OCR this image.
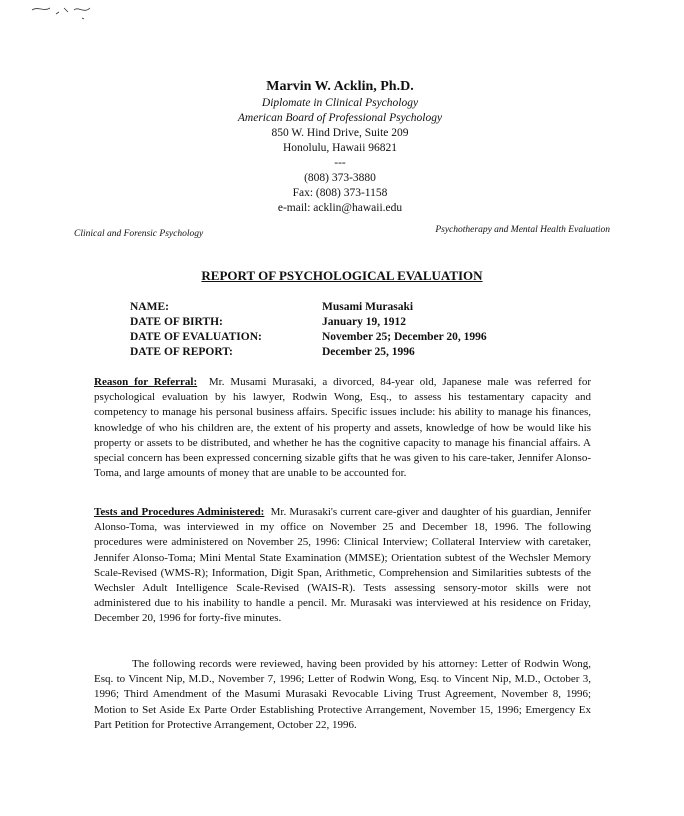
Marvin W. Acklin, Ph.D.
Diplomate in Clinical Psychology
American Board of Professional Psychology
850 W. Hind Drive, Suite 209
Honolulu, Hawaii 96821
---
(808) 373-3880
Fax: (808) 373-1158
e-mail: acklin@hawaii.edu
Clinical and Forensic Psychology	Psychotherapy and Mental Health Evaluation
REPORT OF PSYCHOLOGICAL EVALUATION
NAME:	Musami Murasaki
DATE OF BIRTH:	January 19, 1912
DATE OF EVALUATION:	November 25; December 20, 1996
DATE OF REPORT:	December 25, 1996

Reason for Referral: Mr. Musami Murasaki, a divorced, 84-year old, Japanese male was referred for psychological evaluation by his lawyer, Rodwin Wong, Esq., to assess his testamentary capacity and competency to manage his personal business affairs. Specific issues include: his ability to manage his finances, knowledge of who his children are, the extent of his property and assets, knowledge of how be would like his property or assets to be distributed, and whether he has the cognitive capacity to manage his financial affairs. A special concern has been expressed concerning sizable gifts that he was given to his care-taker, Jennifer Alonso-Toma, and large amounts of money that are unable to be accounted for.

Tests and Procedures Administered: Mr. Murasaki's current care-giver and daughter of his guardian, Jennifer Alonso-Toma, was interviewed in my office on November 25 and December 18, 1996. The following procedures were administered on November 25, 1996: Clinical Interview; Collateral Interview with caretaker, Jennifer Alonso-Toma; Mini Mental State Examination (MMSE); Orientation subtest of the Wechsler Memory Scale-Revised (WMS-R); Information, Digit Span, Arithmetic, Comprehension and Similarities subtests of the Wechsler Adult Intelligence Scale-Revised (WAIS-R). Tests assessing sensory-motor skills were not administered due to his inability to handle a pencil. Mr. Murasaki was interviewed at his residence on Friday, December 20, 1996 for forty-five minutes.

The following records were reviewed, having been provided by his attorney: Letter of Rodwin Wong, Esq. to Vincent Nip, M.D., November 7, 1996; Letter of Rodwin Wong, Esq. to Vincent Nip, M.D., October 3, 1996; Third Amendment of the Masumi Murasaki Revocable Living Trust Agreement, November 8, 1996; Motion to Set Aside Ex Parte Order Establishing Protective Arrangement, November 15, 1996; Emergency Ex Part Petition for Protective Arrangement, October 22, 1996.
